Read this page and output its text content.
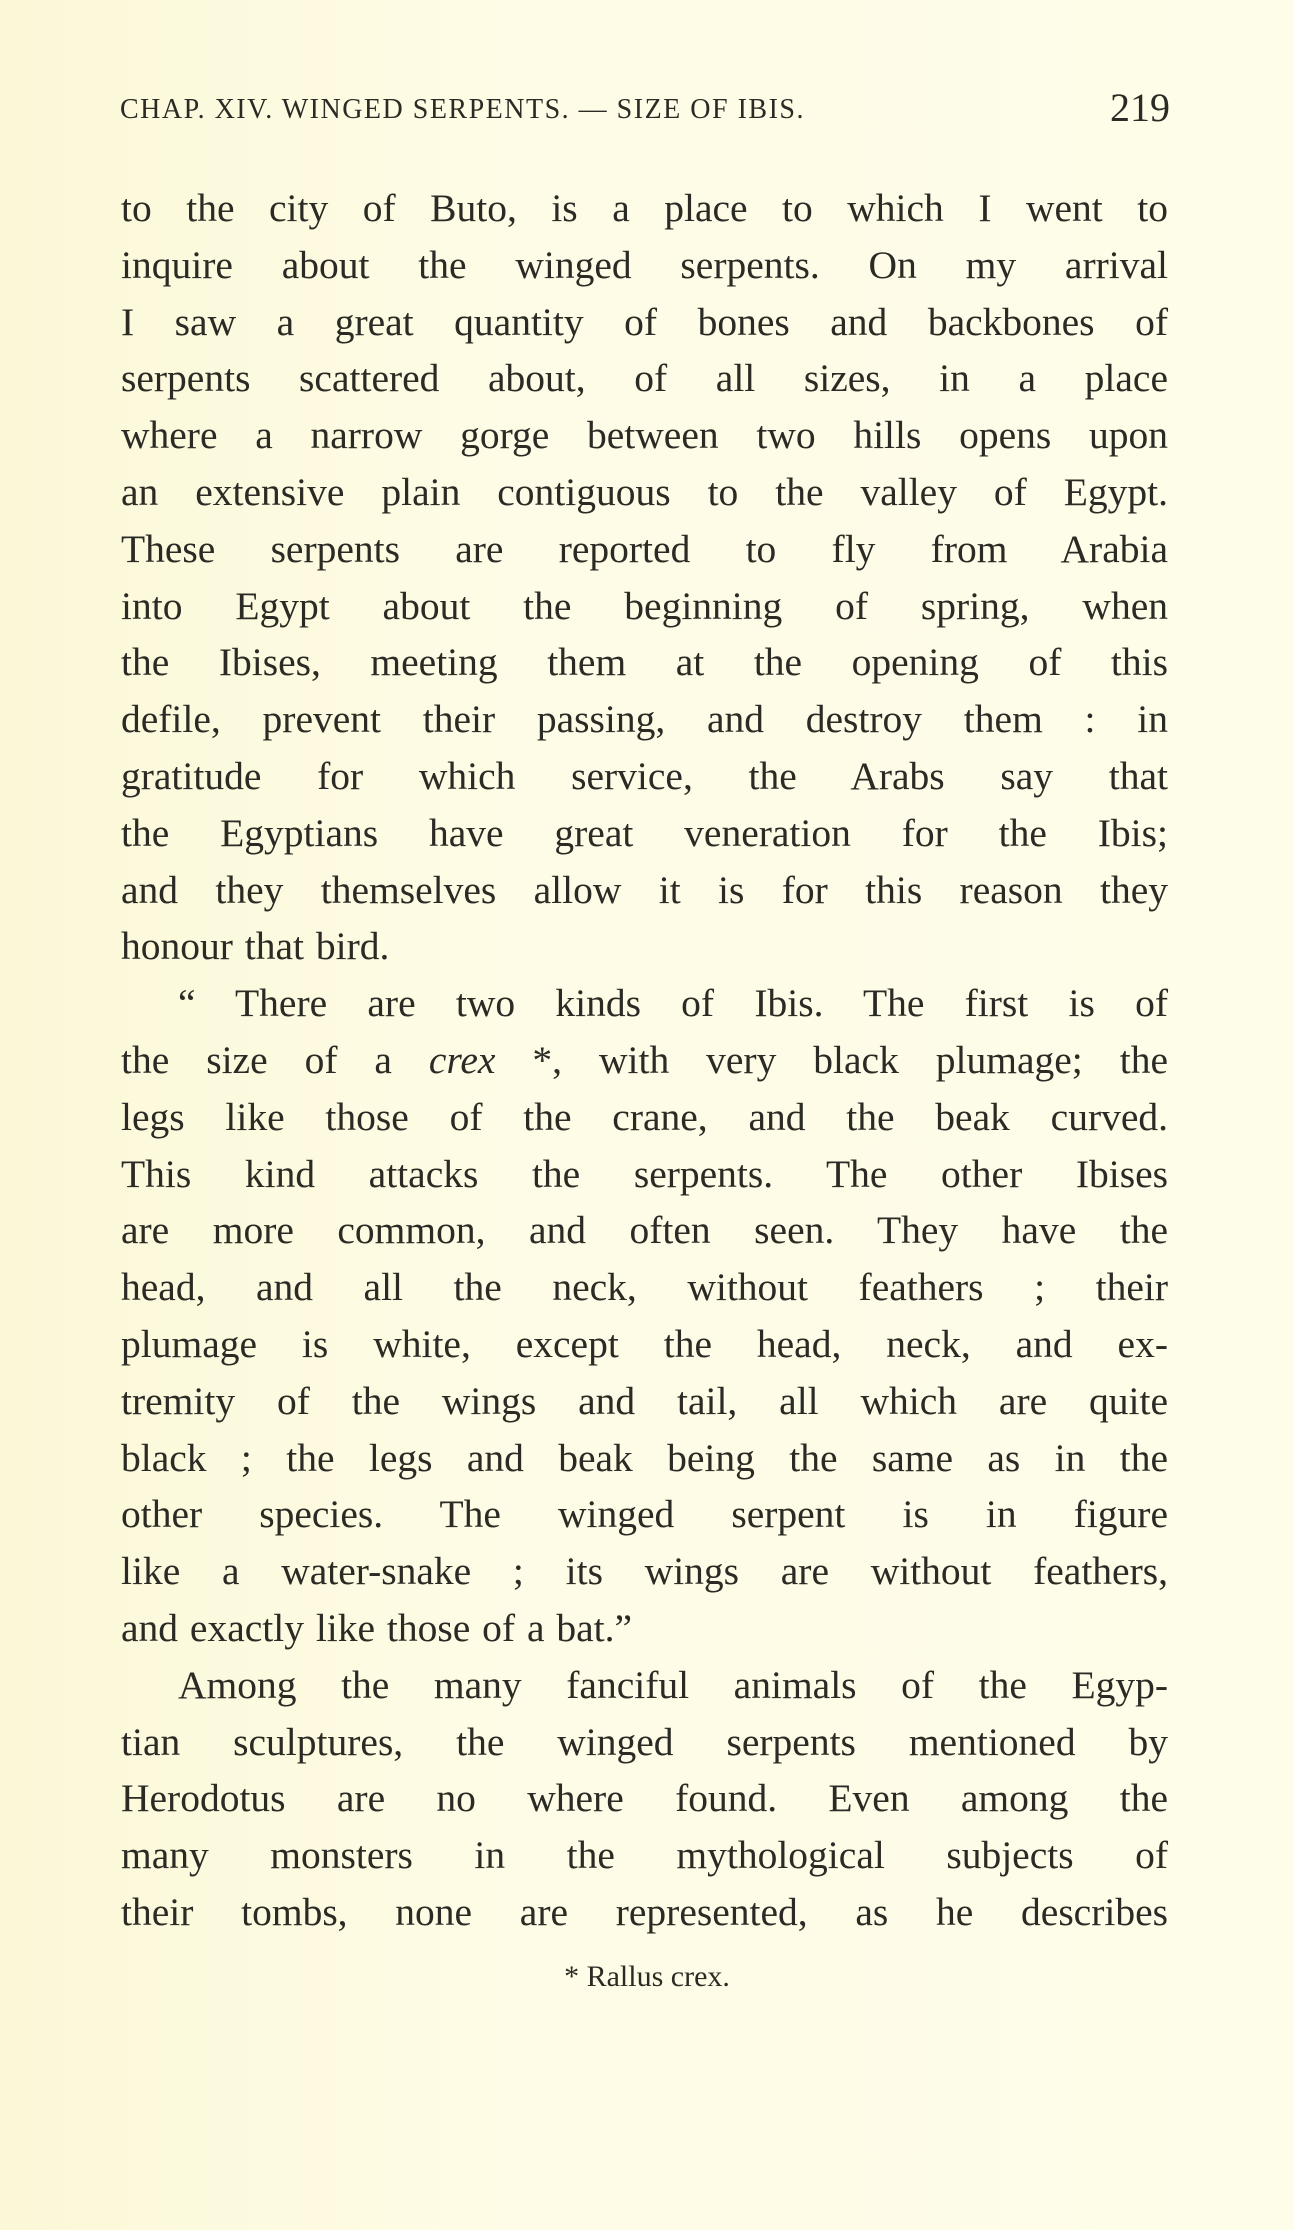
CHAP. XIV. WINGED SERPENTS. — SIZE OF IBIS.	219
to the city of Buto, is a place to which I went to
inquire about the winged serpents. On my arrival
I saw a great quantity of bones and backbones of
serpents scattered about, of all sizes, in a place
where a narrow gorge between two hills opens upon
an extensive plain contiguous to the valley of Egypt.
These serpents are reported to fly from Arabia
into Egypt about the beginning of spring, when
the Ibises, meeting them at the opening of this
defile, prevent their passing, and destroy them : in
gratitude for which service, the Arabs say that
the Egyptians have great veneration for the Ibis;
and they themselves allow it is for this reason they
honour that bird.
“ There are two kinds of Ibis. The first is of
the size of a crex *, with very black plumage; the
legs like those of the crane, and the beak curved.
This kind attacks the serpents. The other Ibises
are more common, and often seen. They have the
head, and all the neck, without feathers ; their
plumage is white, except the head, neck, and ex-
tremity of the wings and tail, all which are quite
black ; the legs and beak being the same as in the
other species. The winged serpent is in figure
like a water-snake ; its wings are without feathers,
and exactly like those of a bat.”
Among the many fanciful animals of the Egyp-
tian sculptures, the winged serpents mentioned by
Herodotus are no where found. Even among the
many monsters in the mythological subjects of
their tombs, none are represented, as he describes
* Rallus crex.
